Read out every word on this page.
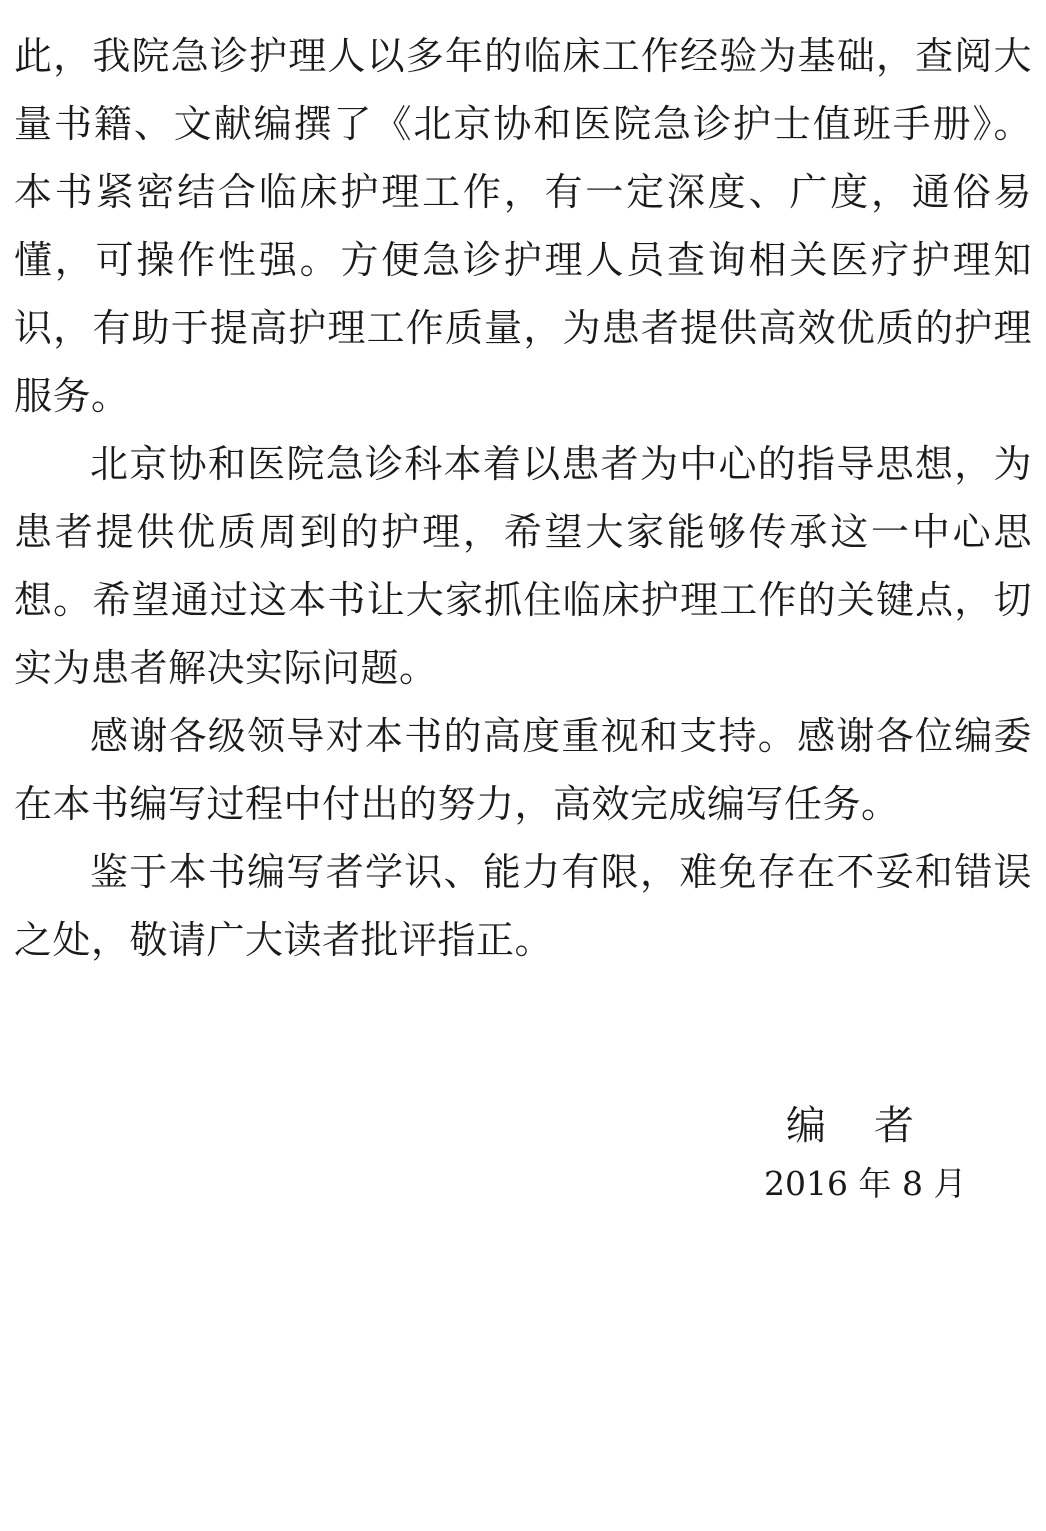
此，我院急诊护理人以多年的临床工作经验为基础，查阅大量书籍、文献编撰了《北京协和医院急诊护士值班手册》。本书紧密结合临床护理工作，有一定深度、广度，通俗易懂，可操作性强。方便急诊护理人员查询相关医疗护理知识，有助于提高护理工作质量，为患者提供高效优质的护理服务。

北京协和医院急诊科本着以患者为中心的指导思想，为患者提供优质周到的护理，希望大家能够传承这一中心思想。希望通过这本书让大家抓住临床护理工作的关键点，切实为患者解决实际问题。

感谢各级领导对本书的高度重视和支持。感谢各位编委在本书编写过程中付出的努力，高效完成编写任务。

鉴于本书编写者学识、能力有限，难免存在不妥和错误之处，敬请广大读者批评指正。

编者
2016 年 8 月
